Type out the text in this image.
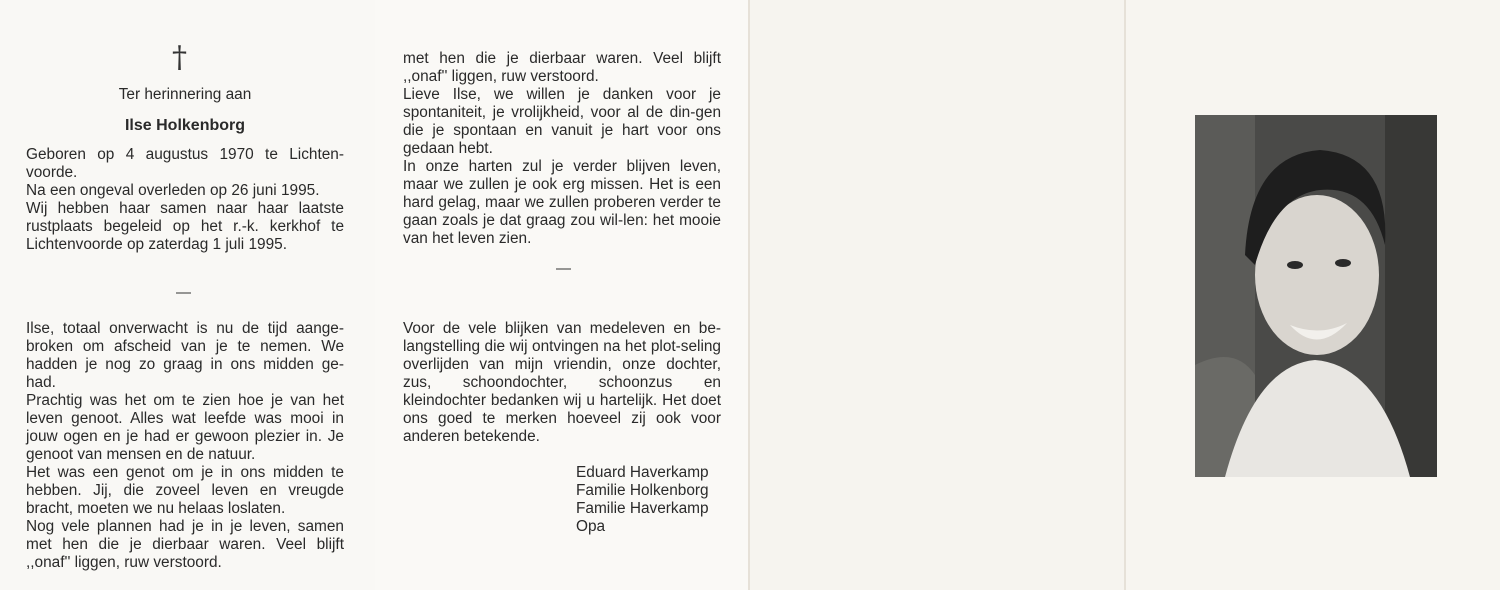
†
Ter herinnering aan
Ilse Holkenborg

Geboren op 4 augustus 1970 te Lichten-voorde.

Na een ongeval overleden op 26 juni 1995.

Wij hebben haar samen naar haar laatste rustplaats begeleid op het r.-k. kerkhof te Lichtenvoorde op zaterdag 1 juli 1995.

—

Ilse, totaal onverwacht is nu de tijd aange-broken om afscheid van je te nemen. We hadden je nog zo graag in ons midden ge-had.

Prachtig was het om te zien hoe je van het leven genoot. Alles wat leefde was mooi in jouw ogen en je had er gewoon plezier in. Je genoot van mensen en de natuur.

Het was een genot om je in ons midden te hebben. Jij, die zoveel leven en vreugde bracht, moeten we nu helaas loslaten.

Nog vele plannen had je in je leven, samen met hen die je dierbaar waren. Veel blijft ,,onaf'' liggen, ruw verstoord.

met hen die je dierbaar waren. Veel blijft ,,onaf'' liggen, ruw verstoord.

Lieve Ilse, we willen je danken voor je spontaniteit, je vrolijkheid, voor al de din-gen die je spontaan en vanuit je hart voor ons gedaan hebt.

In onze harten zul je verder blijven leven, maar we zullen je ook erg missen. Het is een hard gelag, maar we zullen proberen verder te gaan zoals je dat graag zou wil-len: het mooie van het leven zien.

—
Voor de vele blijken van medeleven en be-langstelling die wij ontvingen na het plot-seling overlijden van mijn vriendin, onze dochter, zus, schoondochter, schoonzus en kleindochter bedanken wij u hartelijk. Het doet ons goed te merken hoeveel zij ook voor anderen betekende.
Eduard Haverkamp
Familie Holkenborg
Familie Haverkamp
Opa
